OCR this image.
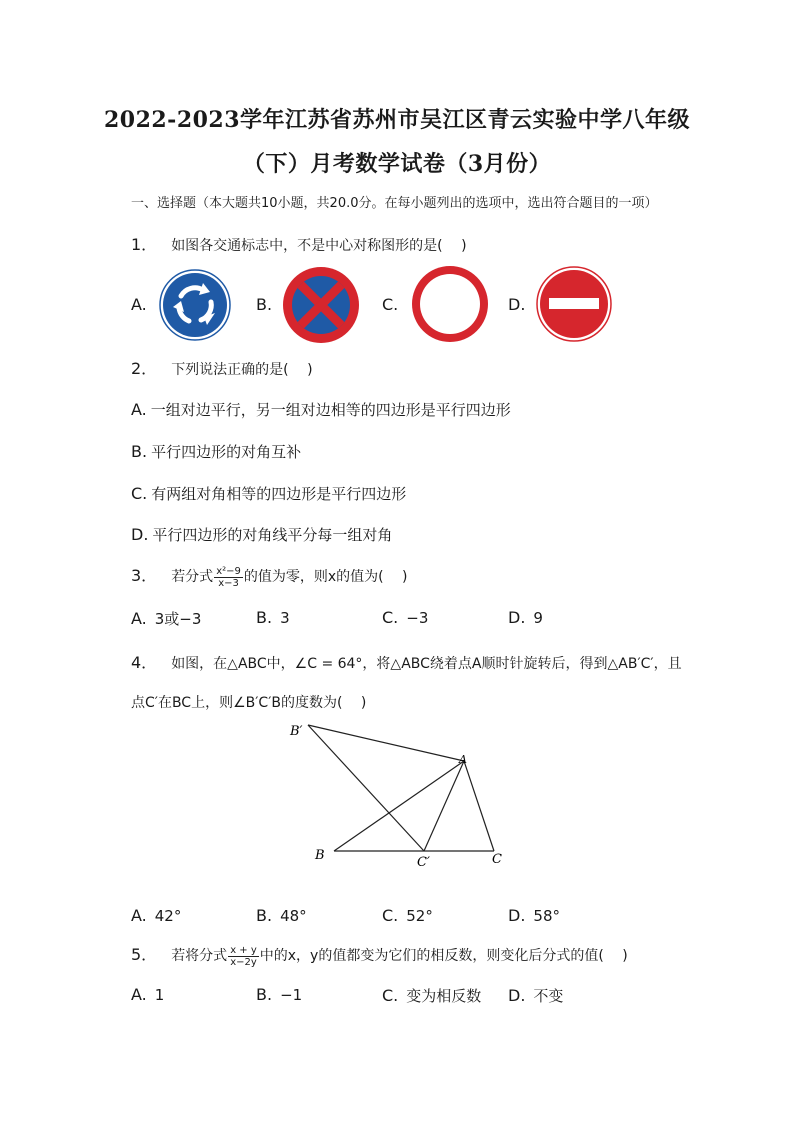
2022-2023学年江苏省苏州市吴江区青云实验中学八年级
（下）月考数学试卷（3月份）
一、选择题（本大题共10小题，共20.0分。在每小题列出的选项中，选出符合题目的一项）
1． 如图各交通标志中，不是中心对称图形的是(　 )
A.	B.	C.	D.
2． 下列说法正确的是(　 )
A. 一组对边平行，另一组对边相等的四边形是平行四边形
B. 平行四边形的对角互补
C. 有两组对角相等的四边形是平行四边形
D. 平行四边形的对角线平分每一组对角
3． 若分式 $\frac{\text{x²−9}}{x-3}$ 的值为零，则x的值为(　 )
A. 3或−3	B. 3	C. −3	D. 9
4． 如图，在△ABC中，∠C = 64°，将△ABC绕着点A顺时针旋转后，得到△AB′C′，且
点C′在BC上，则∠B′C′B的度数为(　 )
B′
A
B	C′	C
A. 42°	B. 48°	C. 52°	D. 58°
5． 若将分式 $\frac{x + y}{x-2y}$ 中的x，y的值都变为它们的相反数，则变化后分式的值(　 )
A. 1	B. −1	C. 变为相反数 D. 不变
